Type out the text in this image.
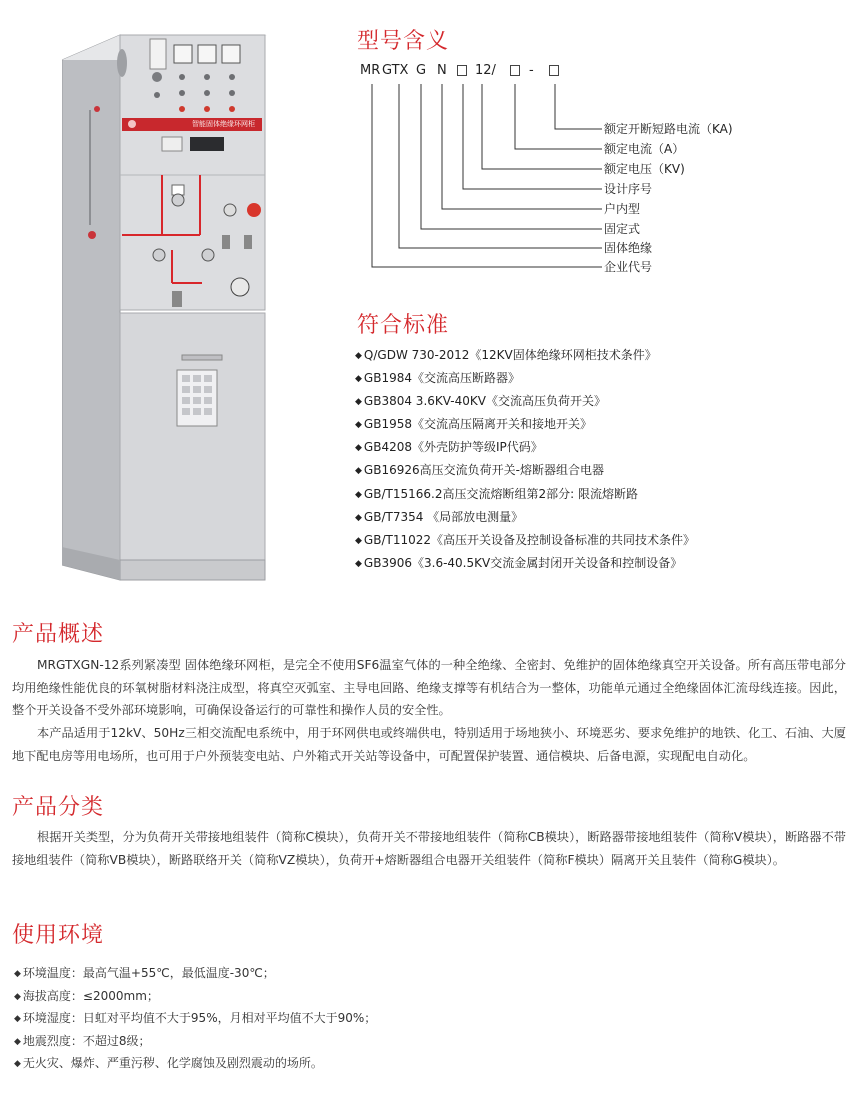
智能固体绝缘环网柜
型号含义
MR GTX G N 12/	-
额定开断短路电流（KA)
额定电流（A）
额定电压（KV)
设计序号
户内型
固定式
固体绝缘
企业代号
符合标准
◆ Q/GDW 730-2012《12KV固体绝缘环网柜技术条件》
◆ GB1984《交流高压断路器》
◆ GB3804 3.6KV-40KV《交流高压负荷开关》
◆ GB1958《交流高压隔离开关和接地开关》
◆ GB4208《外壳防护等级IP代码》
◆ GB16926高压交流负荷开关-熔断器组合电器
◆ GB/T15166.2高压交流熔断组第2部分: 限流熔断路
◆ GB/T7354 《局部放电测量》
◆ GB/T11022《高压开关设备及控制设备标准的共同技术条件》
◆ GB3906《3.6-40.5KV交流金属封闭开关设备和控制设备》
产品概述

MRGTXGN-12系列紧凑型 固体绝缘环网柜，是完全不使用SF6温室气体的一种全绝缘、全密封、免维护的固体绝缘真空开关设备。所有高压带电部分均用绝缘性能优良的环氧树脂材料浇注成型，将真空灭弧室、主导电回路、绝缘支撑等有机结合为一整体，功能单元通过全绝缘固体汇流母线连接。因此，整个开关设备不受外部环境影响，可确保设备运行的可靠性和操作人员的安全性。

本产品适用于12kV、50Hz三相交流配电系统中，用于环网供电或终端供电，特别适用于场地狭小、环境恶劣、要求免维护的地铁、化工、石油、大厦地下配电房等用电场所，也可用于户外预装变电站、户外箱式开关站等设备中，可配置保护装置、通信模块、后备电源，实现配电自动化。

产品分类

根据开关类型，分为负荷开关带接地组装件（简称C模块），负荷开关不带接地组装件（简称CB模块），断路器带接地组装件（简称V模块），断路器不带接地组装件（简称VB模块），断路联络开关（简称VZ模块），负荷开+熔断器组合电器开关组装件（简称F模块）隔离开关且装件（简称G模块）。

使用环境
◆ 环境温度：最高气温+55℃，最低温度-30℃；
◆ 海拔高度：≤2000mm；
◆ 环境湿度：日虹对平均值不大于95%，月相对平均值不大于90%；
◆ 地震烈度：不超过8级；
◆ 无火灾、爆炸、严重污秽、化学腐蚀及剧烈震动的场所。
